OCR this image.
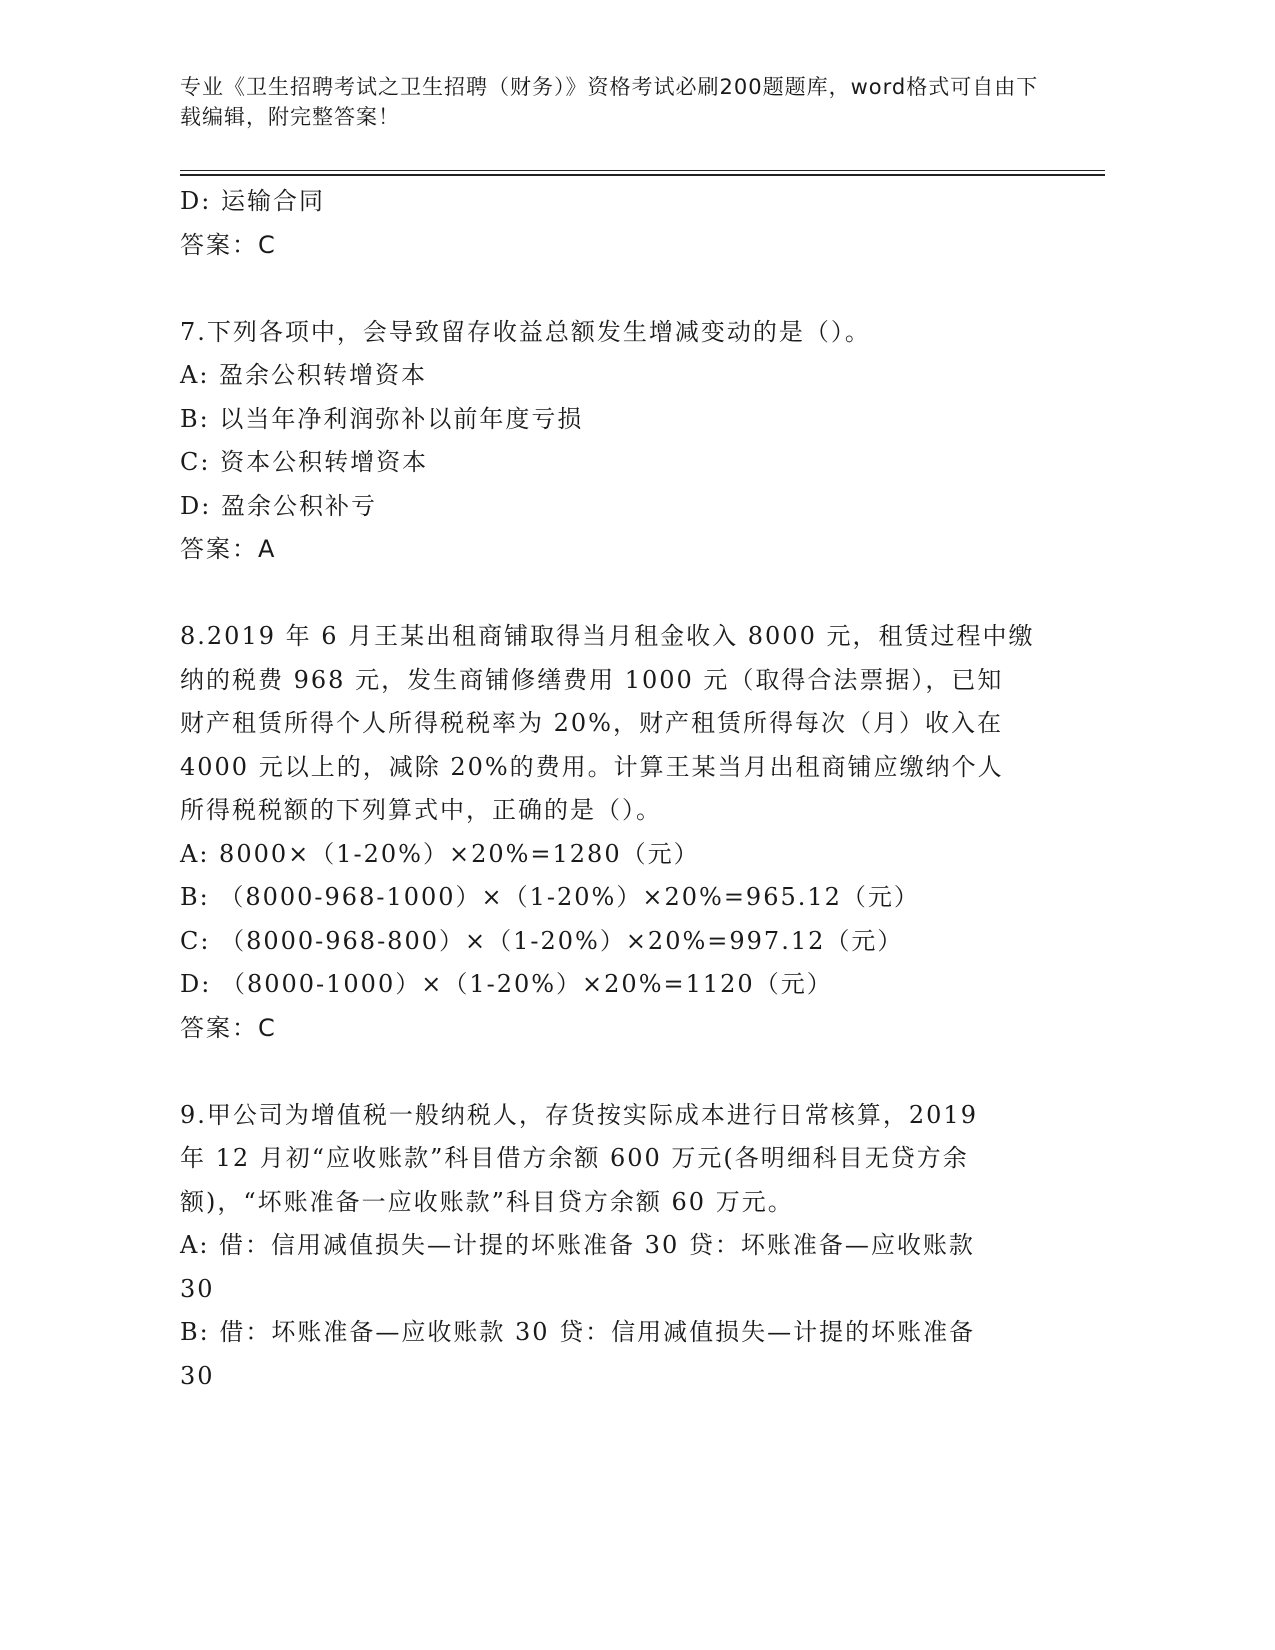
专业《卫生招聘考试之卫生招聘（财务）》资格考试必刷200题题库，word格式可自由下载编辑，附完整答案！
D: 运输合同
答案：C
7.下列各项中，会导致留存收益总额发生增减变动的是（）。
A: 盈余公积转增资本
B: 以当年净利润弥补以前年度亏损
C: 资本公积转增资本
D: 盈余公积补亏
答案：A
8.2019 年 6 月王某出租商铺取得当月租金收入 8000 元，租赁过程中缴
纳的税费 968 元，发生商铺修缮费用 1000 元（取得合法票据），已知
财产租赁所得个人所得税税率为 20%，财产租赁所得每次（月）收入在
4000 元以上的，减除 20%的费用。计算王某当月出租商铺应缴纳个人
所得税税额的下列算式中，正确的是（）。
A: 8000×（1-20%）×20%=1280（元）
B: （8000-968-1000）×（1-20%）×20%=965.12（元）
C: （8000-968-800）×（1-20%）×20%=997.12（元）
D: （8000-1000）×（1-20%）×20%=1120（元）
答案：C
9.甲公司为增值税一般纳税人，存货按实际成本进行日常核算，2019
年 12 月初“应收账款”科目借方余额 600 万元(各明细科目无贷方余
额)，“坏账准备一应收账款”科目贷方余额 60 万元。
A: 借：信用减值损失—计提的坏账准备 30 贷：坏账准备—应收账款
30
B: 借：坏账准备—应收账款 30 贷：信用减值损失—计提的坏账准备
30
